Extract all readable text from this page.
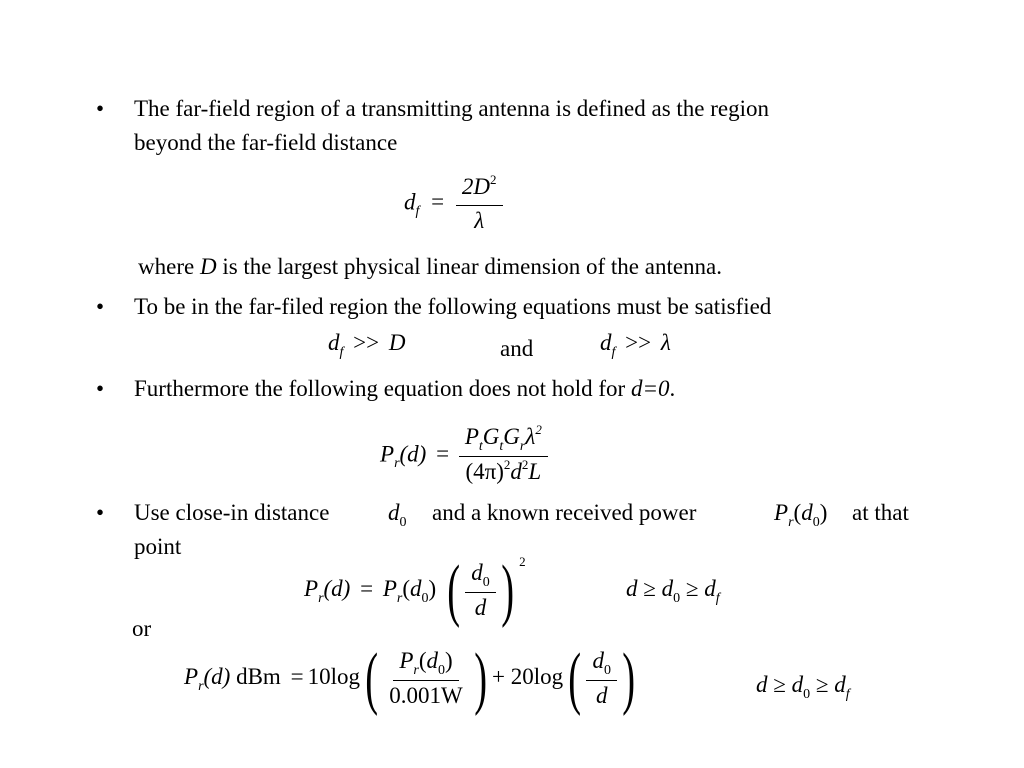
• The far-field region of a transmitting antenna is defined as the region
beyond the far-field distance
$d_f = \frac{2D^2}{\lambda}$
where D is the largest physical linear dimension of the antenna.
• To be in the far-filed region the following equations must be satisfied
$d_f >> D$	and	$d_f >> \lambda$
• Furthermore the following equation does not hold for d=0.
$P_r(d) = \frac{P_tG_tG_r\lambda^2}{(4\pi)^2d^2L}$
• Use close-in distance	$d_0$ and a known received power	$P_r(d_0)$ at that
point
$P_r(d) = P_r(d_0)$ ( $\frac{d_0}{d}$ ) $^2$
$d \ge d_0 \ge d_f$
or
$P_r(d)$ dBm = $10\log( \frac{P_r(d_0)}{0.001W}$ ) + $20\log( \frac{d_0}{d}$ )	$d \ge d_0 \ge d_f$
